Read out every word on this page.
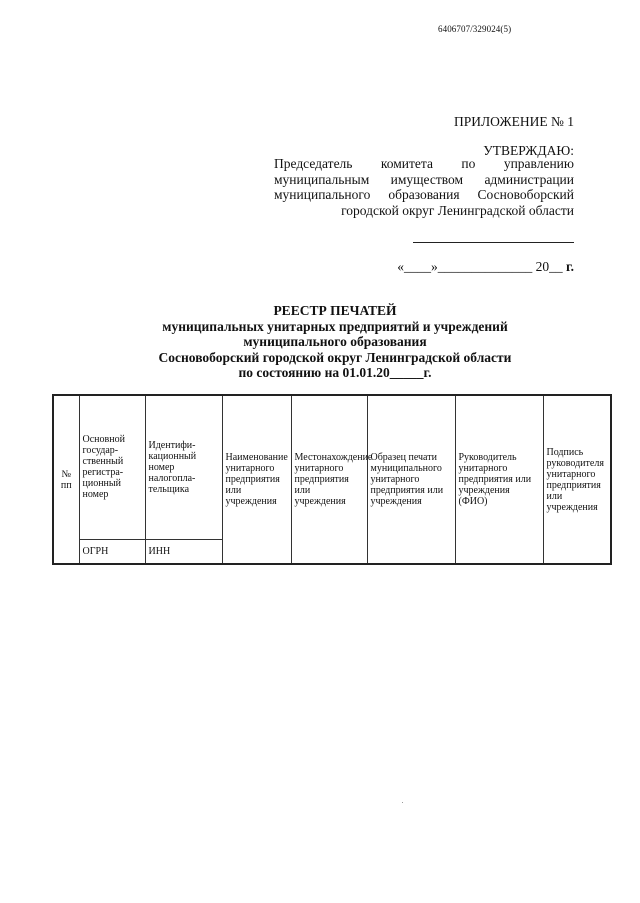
6406707/329024(5)
ПРИЛОЖЕНИЕ № 1
УТВЕРЖДАЮ:
Председатель комитета по управлению
муниципальным имуществом администрации
муниципального образования Сосновоборский
городской округ Ленинградской области
«____»______________ 20__ г.
РЕЕСТР ПЕЧАТЕЙ
муниципальных унитарных предприятий и учреждений
муниципального образования
Сосновоборский городской округ Ленинградской области
по состоянию на 01.01.20_____г.
№ пп	Основной государ-ственный регистра-ционный номер	Идентифи-кационный номер налогопла-тельщика	Наименование унитарного предприятия или учреждения	Местонахождение унитарного предприятия или учреждения	Образец печати муниципального унитарного предприятия или учреждения	Руководитель унитарного предприятия или учреждения (ФИО)	Подпись руководителя унитарного предприятия или учреждения
	ОГРН	ИНН					
